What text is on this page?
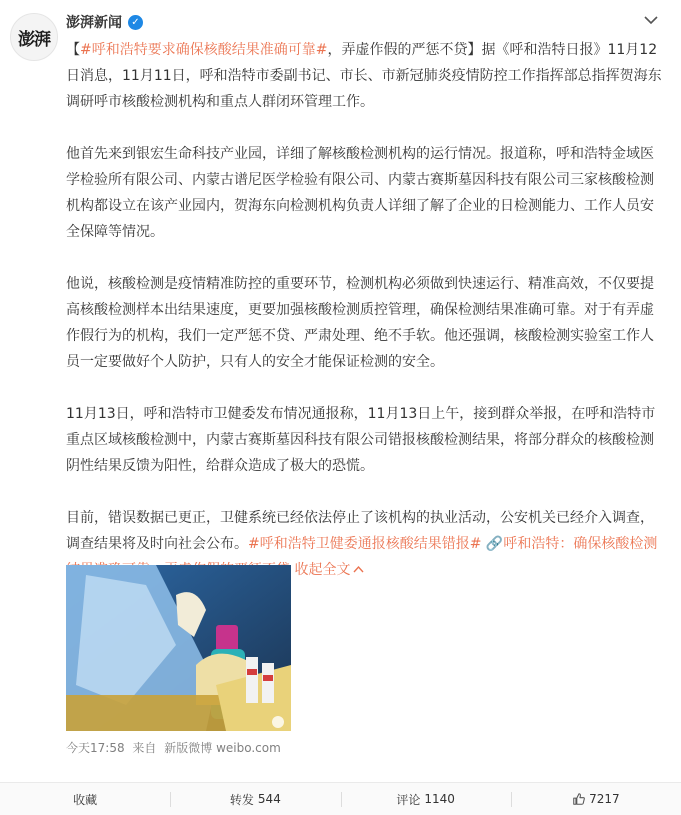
澎湃
澎湃新闻 ✓

【#呼和浩特要求确保核酸结果准确可靠#，弄虚作假的严惩不贷】据《呼和浩特日报》11月12日消息，11月11日，呼和浩特市委副书记、市长、市新冠肺炎疫情防控工作指挥部总指挥贺海东调研呼市核酸检测机构和重点人群闭环管理工作。

他首先来到银宏生命科技产业园，详细了解核酸检测机构的运行情况。报道称，呼和浩特金域医学检验所有限公司、内蒙古谱尼医学检验有限公司、内蒙古赛斯墓因科技有限公司三家核酸检测机构都设立在该产业园内，贺海东向检测机构负责人详细了解了企业的日检测能力、工作人员安全保障等情况。

他说，核酸检测是疫情精准防控的重要环节，检测机构必须做到快速运行、精准高效，不仅要提高核酸检测样本出结果速度，更要加强核酸检测质控管理，确保检测结果准确可靠。对于有弄虚作假行为的机构，我们一定严惩不贷、严肃处理、绝不手软。他还强调，核酸检测实验室工作人员一定要做好个人防护，只有人的安全才能保证检测的安全。

11月13日，呼和浩特市卫健委发布情况通报称，11月13日上午，接到群众举报，在呼和浩特市重点区域核酸检测中，内蒙古赛斯墓因科技有限公司错报核酸检测结果，将部分群众的核酸检测阴性结果反馈为阳性，给群众造成了极大的恐慌。

目前，错误数据已更正，卫健系统已经依法停止了该机构的执业活动，公安机关已经介入调查，调查结果将及时向社会公布。#呼和浩特卫健委通报核酸结果错报# 🔗呼和浩特：确保核酸检测 收起全文

今天17:58 来自 新版微博 weibo.com
收藏	转发 544	评论 1140	7217
